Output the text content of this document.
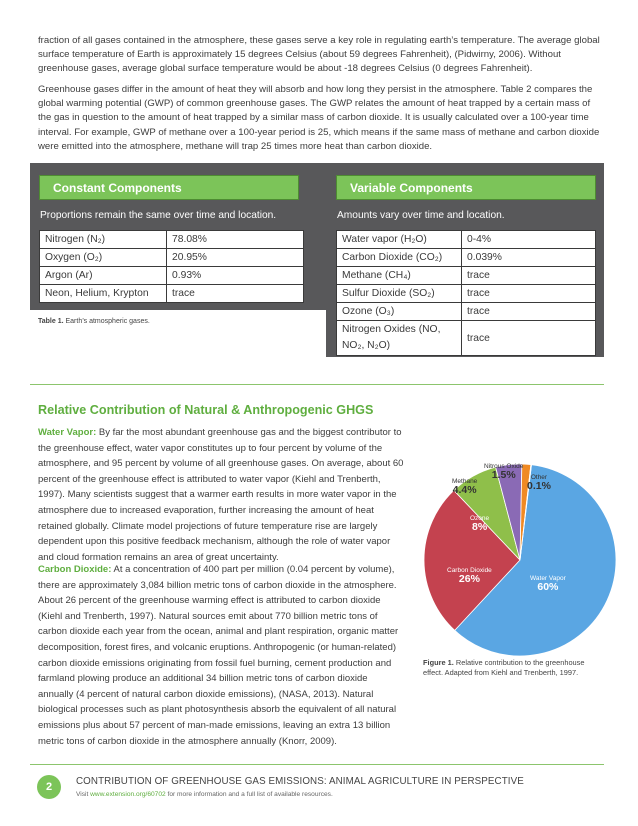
fraction of all gases contained in the atmosphere, these gases serve a key role in regulating earth’s temperature. The average global surface temperature of Earth is approximately 15 degrees Celsius (about 59 degrees Fahrenheit), (Pidwirny, 2006). Without greenhouse gases, average global surface temperature would be about -18 degrees Celsius (0 degrees Fahrenheit).

Greenhouse gases differ in the amount of heat they will absorb and how long they persist in the atmosphere. Table 2 compares the global warming potential (GWP) of common greenhouse gases. The GWP relates the amount of heat trapped by a certain mass of the gas in question to the amount of heat trapped by a similar mass of carbon dioxide. It is usually calculated over a 100-year time interval. For example, GWP of methane over a 100-year period is 25, which means if the same mass of methane and carbon dioxide were emitted into the atmosphere, methane will trap 25 times more heat than carbon dioxide.

Constant Components	Variable Components
Proportions remain the same over time and location.	Amounts vary over time and location.
Nitrogen (N₂)	78.08%
Oxygen (O₂)	20.95%
Argon (Ar)	0.93%
Neon, Helium, Krypton	trace
Water vapor (H₂O)	0-4%
Carbon Dioxide (CO₂)	0.039%
Methane (CH₄)	trace
Sulfur Dioxide (SO₂)	trace
Ozone (O₃)	trace
Nitrogen Oxides (NO,
NO₂, N₂O)	trace
Table 1. Earth’s atmospheric gases.
Relative Contribution of Natural & Anthropogenic GHGS

Water Vapor: By far the most abundant greenhouse gas and the biggest contributor to the greenhouse effect, water vapor constitutes up to four percent by volume of the atmosphere, and 95 percent by volume of all greenhouse gases. On average, about 60 percent of the greenhouse effect is attributed to water vapor (Kiehl and Trenberth, 1997). Many scientists suggest that a warmer earth results in more water vapor in the atmosphere due to increased evaporation, further increasing the amount of heat retained globally. Climate model projections of future temperature rise are largely dependent upon this positive feedback mechanism, although the role of water vapor and cloud formation remains an area of great uncertainty.

Carbon Dioxide: At a concentration of 400 part per million (0.04 percent by volume), there are approximately 3,084 billion metric tons of carbon dioxide in the atmosphere. About 26 percent of the greenhouse warming effect is attributed to carbon dioxide (Kiehl and Trenberth, 1997). Natural sources emit about 770 billion metric tons of carbon dioxide each year from the ocean, animal and plant respiration, organic matter decomposition, forest fires, and volcanic eruptions. Anthropogenic (or human-related) carbon dioxide emissions originating from fossil fuel burning, cement production and farmland plowing produce an additional 34 billion metric tons of carbon dioxide annually (4 percent of natural carbon dioxide emissions), (NASA, 2013). Natural biological processes such as plant photosynthesis absorb the equivalent of all natural emissions plus about 57 percent of man-made emissions, leaving an extra 13 billion metric tons of carbon dioxide in the atmosphere annually (Knorr, 2009).

Water Vapor
60%
Carbon Dioxide
26%
Ozone
8%
Methane
4.4%
Nitrous Oxide
1.5%	Other
0.1%
Figure 1. Relative contribution to the greenhouse effect. Adapted from Kiehl and Trenberth, 1997.
2	CONTRIBUTION OF GREENHOUSE GAS EMISSIONS: ANIMAL AGRICULTURE IN PERSPECTIVE
Visit www.extension.org/60702 for more information and a full list of available resources.
